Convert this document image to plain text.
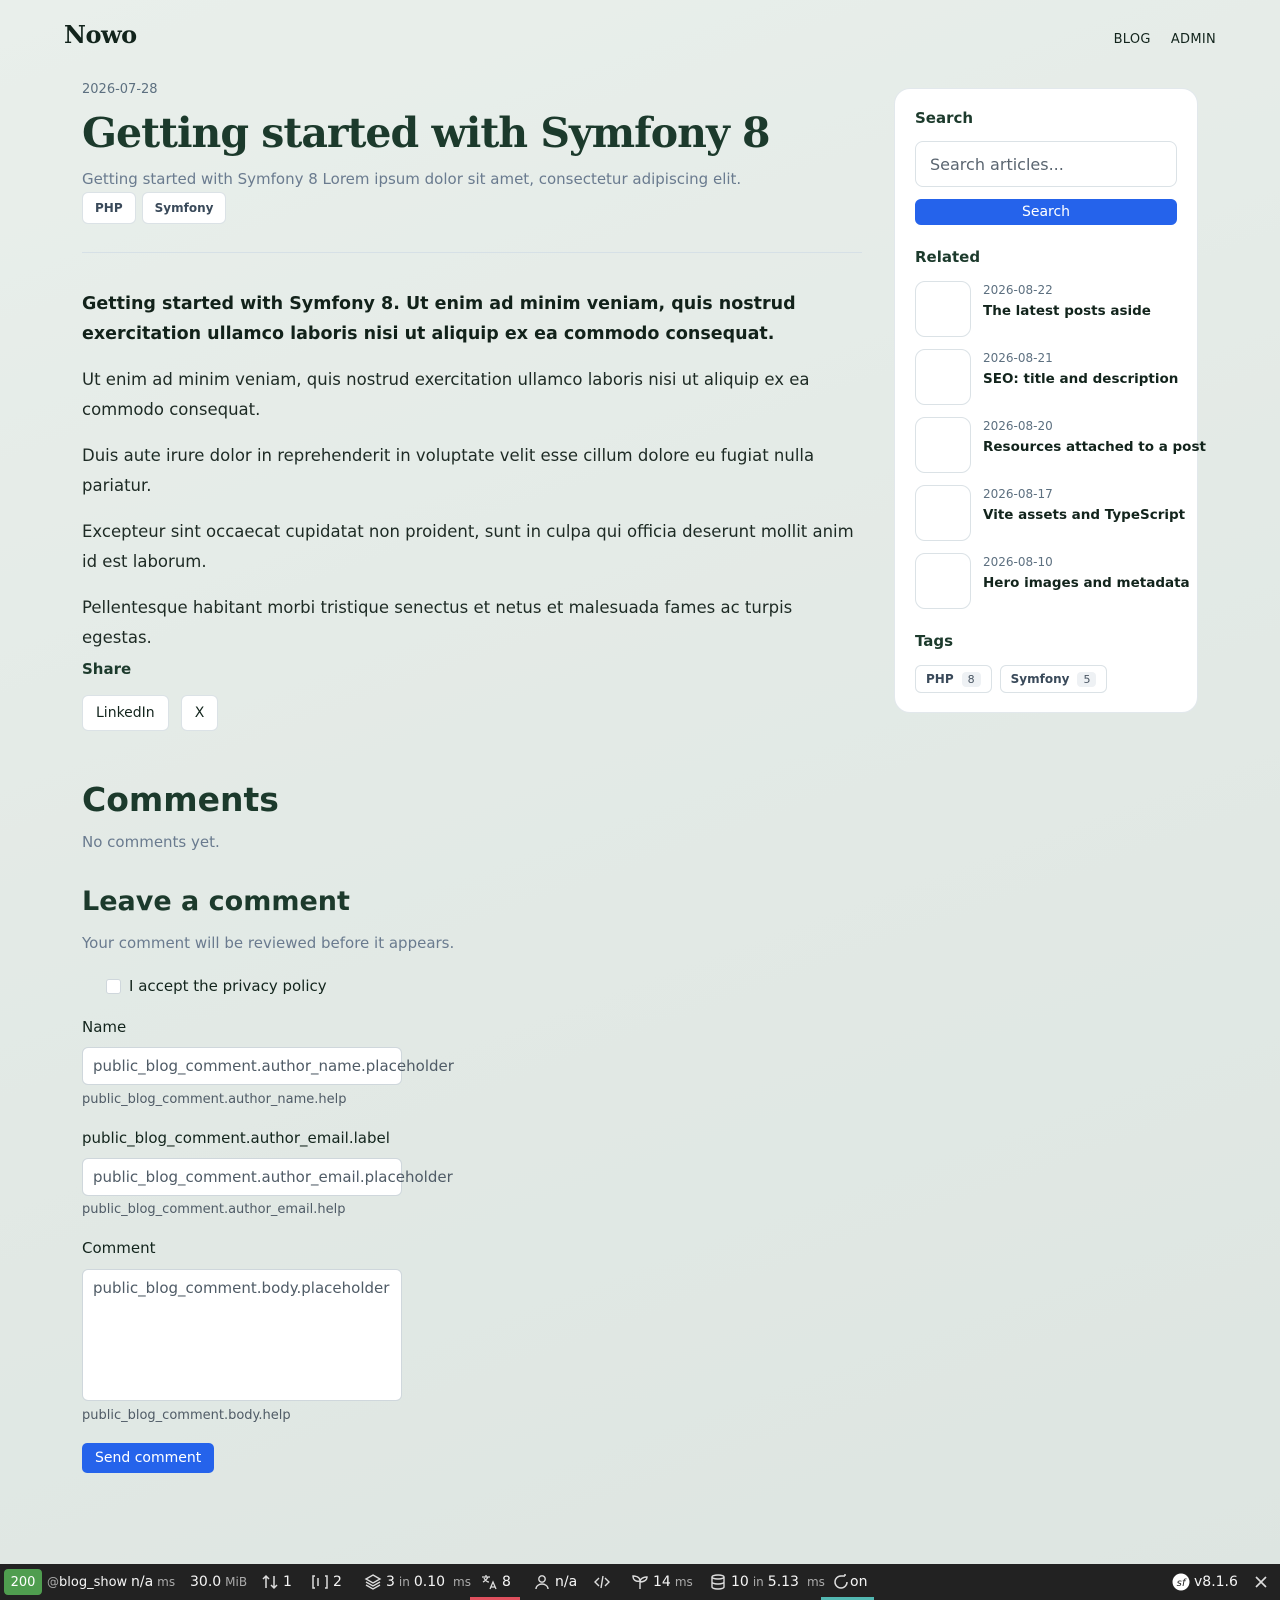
Nowo	BLOG ADMIN
2026-07-28
Getting started with Symfony 8
Getting started with Symfony 8 Lorem ipsum dolor sit amet, consectetur adipiscing elit.
PHP	Symfony

Getting started with Symfony 8. Ut enim ad minim veniam, quis nostrud exercitation ullamco laboris nisi ut aliquip ex ea commodo consequat.

Ut enim ad minim veniam, quis nostrud exercitation ullamco laboris nisi ut aliquip ex ea commodo consequat.

Duis aute irure dolor in reprehenderit in voluptate velit esse cillum dolore eu fugiat nulla pariatur.

Excepteur sint occaecat cupidatat non proident, sunt in culpa qui officia deserunt mollit anim id est laborum.

Pellentesque habitant morbi tristique senectus et netus et malesuada fames ac turpis egestas.

Share
LinkedIn	X
Comments
No comments yet.
Leave a comment
Your comment will be reviewed before it appears.
I accept the privacy policy
Name
public_blog_comment.author_name.placeholder
public_blog_comment.author_name.help
public_blog_comment.author_email.label
public_blog_comment.author_email.placeholder
public_blog_comment.author_email.help
Comment
public_blog_comment.body.placeholder
public_blog_comment.body.help
Send comment
Search
Search articles...
Search
Related
2026-08-22
The latest posts aside
2026-08-21
SEO: title and description
2026-08-20
Resources attached to a post
2026-08-17
Vite assets and TypeScript
2026-08-10
Hero images and metadata
Tags
PHP	8	Symfony	5
200 @ blog_show n/a ms 30.0 MiB	1	2	3 in 0.10 ms 8	n/a	14 ms	10 in 5.13 ms on	sf v8.1.6
